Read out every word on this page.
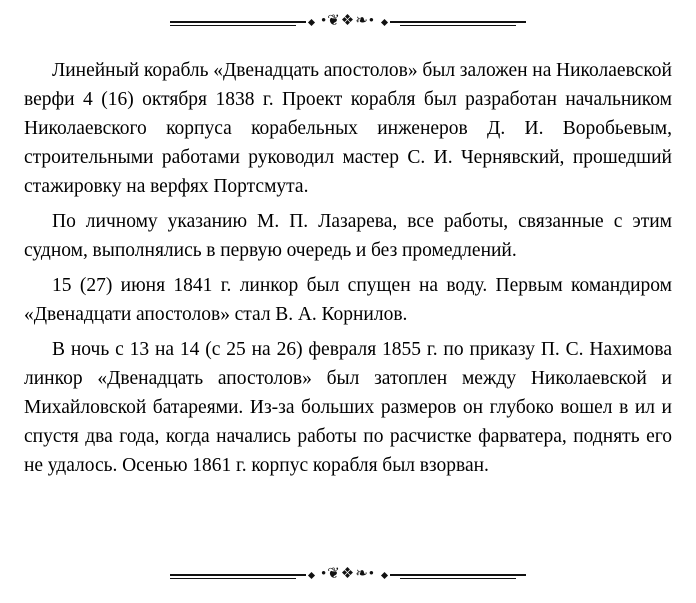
•❦❖❧•

Линейный корабль «Двенадцать апостолов» был заложен на Николаевской верфи 4 (16) октября 1838 г. Проект корабля был разработан начальником Николаевского корпуса корабельных инженеров Д. И. Воробьевым, строительными работами руководил мастер С. И. Чернявский, прошедший стажировку на верфях Портсмута.

По личному указанию М. П. Лазарева, все работы, связанные с этим судном, выполнялись в первую очередь и без промедлений.

15 (27) июня 1841 г. линкор был спущен на воду. Первым командиром «Двенадцати апостолов» стал В. А. Корнилов.

В ночь с 13 на 14 (с 25 на 26) февраля 1855 г. по приказу П. С. Нахимова линкор «Двенадцать апостолов» был затоплен между Николаевской и Михайловской батареями. Из-за больших размеров он глубоко вошел в ил и спустя два года, когда начались работы по расчистке фарватера, поднять его не удалось. Осенью 1861 г. корпус корабля был взорван.

•❦❖❧•
